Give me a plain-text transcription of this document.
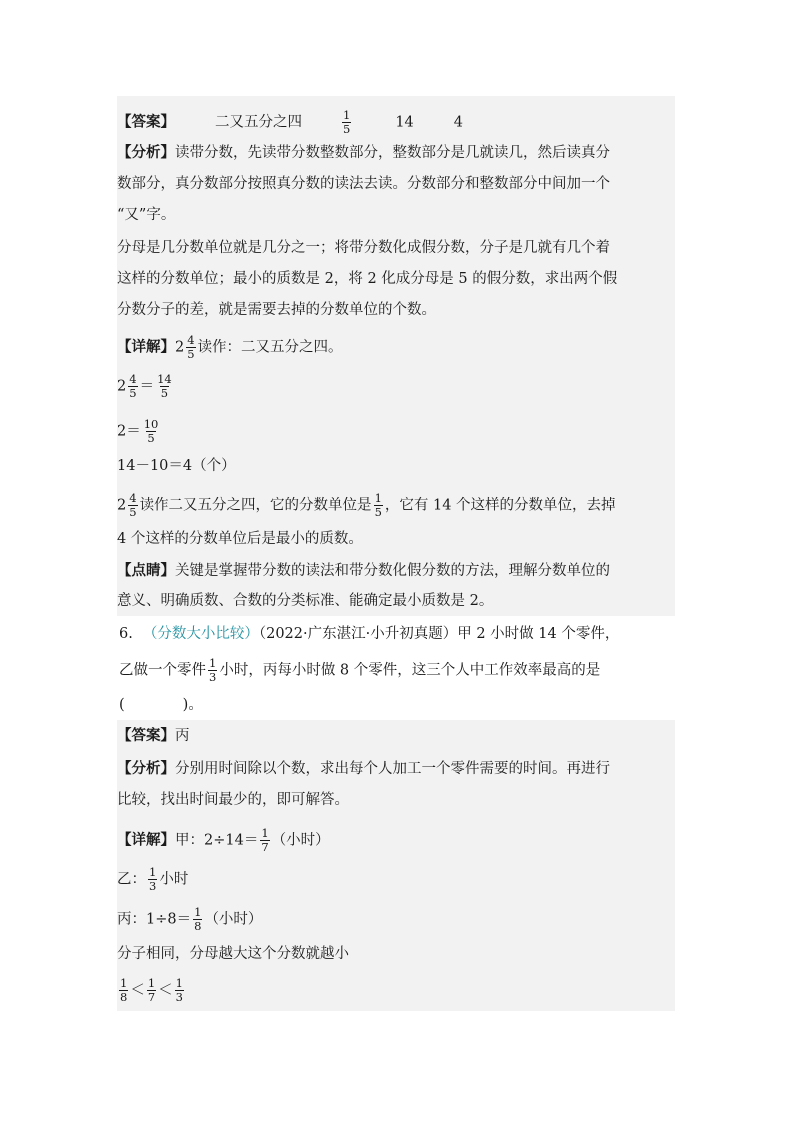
【答案】	二又五分之四	$\frac{1}{5}$	14	4
【分析】读带分数，先读带分数整数部分，整数部分是几就读几，然后读真分
数部分，真分数部分按照真分数的读法去读。分数部分和整数部分中间加一个
“又”字。
分母是几分数单位就是几分之一；将带分数化成假分数，分子是几就有几个着
这样的分数单位；最小的质数是 2，将 2 化成分母是 5 的假分数，求出两个假
分数分子的差，就是需要去掉的分数单位的个数。
【详解】$2 \frac{4}{5}$ 读作：二又五分之四。
$2 \frac{4}{5} = \frac{14}{5}$
$2= \frac{10}{5}$
14－10＝4（个）
$2 \frac{4}{5}$ 读作二又五分之四，它的分数单位是 $\frac{1}{5}$ ，它有 14 个这样的分数单位，去掉
4 个这样的分数单位后是最小的质数。
【点睛】关键是掌握带分数的读法和带分数化假分数的方法，理解分数单位的
意义、明确质数、合数的分类标准、能确定最小质数是 2。
6. （分数大小比较）（2022·广东湛江·小升初真题）甲 2 小时做 14 个零件，
乙做一个零件 $\frac{1}{3}$ 小时，丙每小时做 8 个零件，这三个人中工作效率最高的是
(　　　　)。
【答案】丙
【分析】分别用时间除以个数，求出每个人加工一个零件需要的时间。再进行
比较，找出时间最少的，即可解答。
【详解】甲：$2\div 14= \frac{1}{7}$ （小时）
乙： $\frac{1}{3}$ 小时
丙：$1\div 8= \frac{1}{8}$ （小时）
分子相同，分母越大这个分数就越小
$\frac{1}{8} < \frac{1}{7} < \frac{1}{3}$
